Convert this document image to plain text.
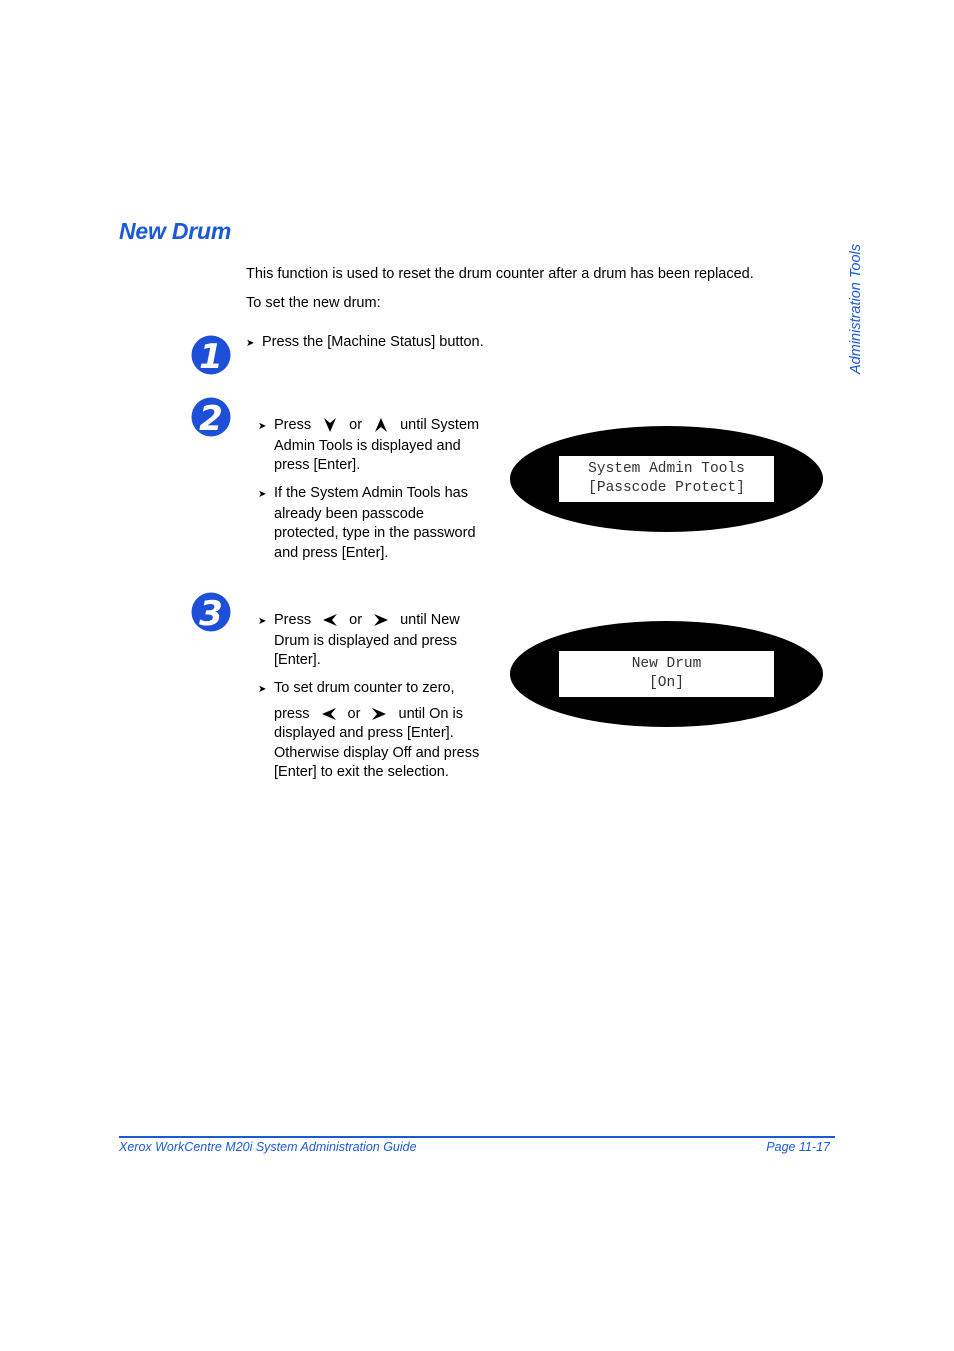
New Drum
Administration Tools

This function is used to reset the drum counter after a drum has been replaced.

To set the new drum:

1 ➤ Press the [Machine Status] button.

2	➤ Press	or	until System
Admin Tools is displayed and
press [Enter].
➤ If the System Admin Tools has
already been passcode
protected, type in the password
and press [Enter].
System Admin Tools
[Passcode Protect]
3	➤ Press	or	until New
Drum is displayed and press
[Enter].
➤ To set drum counter to zero,
press	or	until On is
displayed and press [Enter].
Otherwise display Off and press
[Enter] to exit the selection.
New Drum
[On]
Xerox WorkCentre M20i System Administration Guide	Page 11-17
